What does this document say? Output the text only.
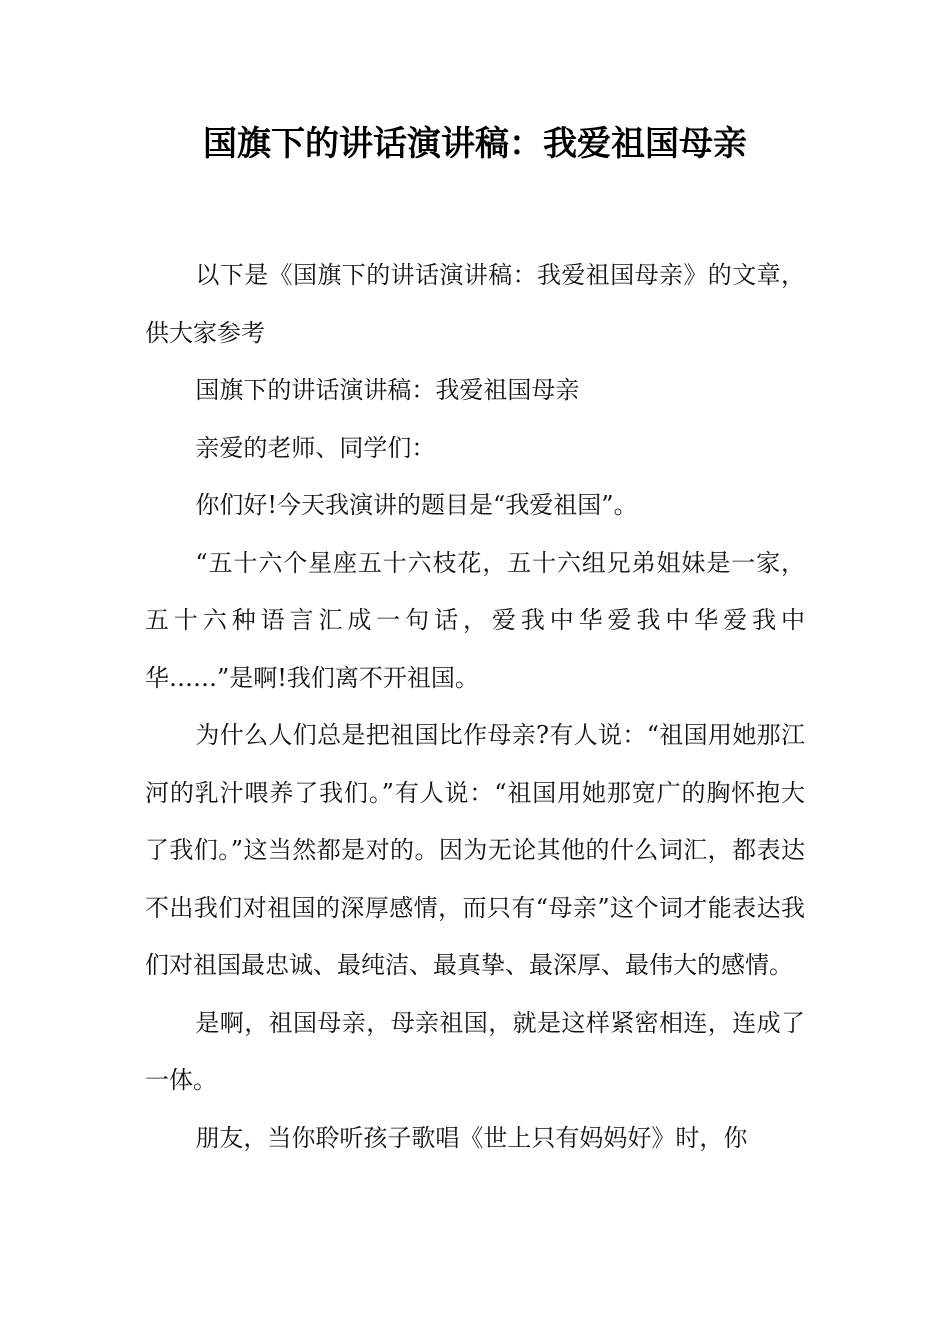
国旗下的讲话演讲稿：我爱祖国母亲

以下是《国旗下的讲话演讲稿：我爱祖国母亲》的文章，供大家参考

国旗下的讲话演讲稿：我爱祖国母亲

亲爱的老师、同学们：

你们好!今天我演讲的题目是“我爱祖国”。

“五十六个星座五十六枝花，五十六组兄弟姐妹是一家，五十六种语言汇成一句话，爱我中华爱我中华爱我中华……”是啊!我们离不开祖国。

为什么人们总是把祖国比作母亲?有人说：“祖国用她那江河的乳汁喂养了我们。”有人说：“祖国用她那宽广的胸怀抱大了我们。”这当然都是对的。因为无论其他的什么词汇，都表达不出我们对祖国的深厚感情，而只有“母亲”这个词才能表达我们对祖国最忠诚、最纯洁、最真挚、最深厚、最伟大的感情。

是啊，祖国母亲，母亲祖国，就是这样紧密相连，连成了一体。

朋友，当你聆听孩子歌唱《世上只有妈妈好》时，你
